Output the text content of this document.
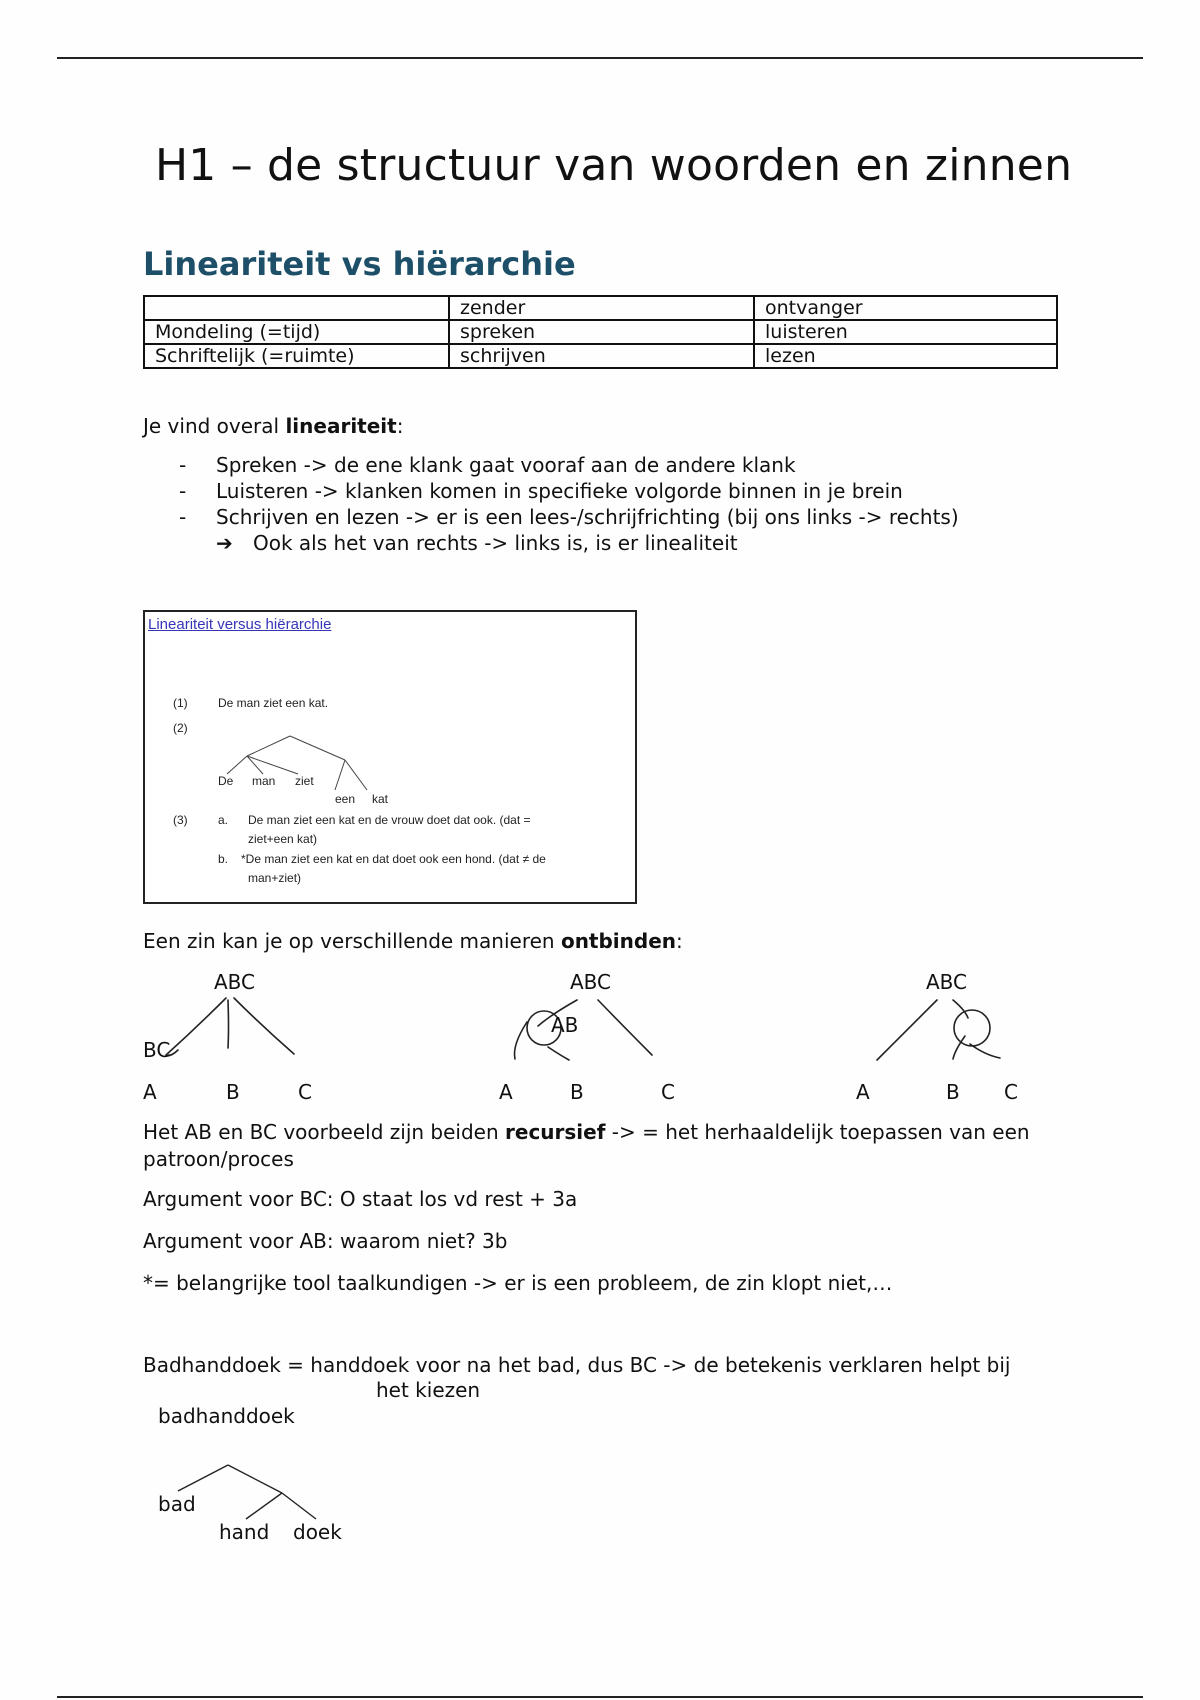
H1 – de structuur van woorden en zinnen
Lineariteit vs hiërarchie
	zender	ontvanger
Mondeling (=tijd)	spreken	luisteren
Schriftelijk (=ruimte)	schrijven	lezen
Je vind overal lineariteit:
- Spreken -> de ene klank gaat vooraf aan de andere klank
- Luisteren -> klanken komen in specifieke volgorde binnen in je brein
- Schrijven en lezen -> er is een lees-/schrijfrichting (bij ons links -> rechts)
➔ Ook als het van rechts -> links is, is er linealiteit
Lineariteit versus hiërarchie
(1)	De man ziet een kat.
(2)
De man ziet
een kat
(3)	a. De man ziet een kat en de vrouw doet dat ook. (dat =
ziet+een kat)
b. *De man ziet een kat en dat doet ook een hond. (dat ≠ de
man+ziet)
Een zin kan je op verschillende manieren ontbinden:
ABC
BC
A	B	C
ABC
AB
A	B	C
ABC
A	B C
Het AB en BC voorbeeld zijn beiden recursief -> = het herhaaldelijk toepassen van een
patroon/proces
Argument voor BC: O staat los vd rest + 3a
Argument voor AB: waarom niet? 3b
*= belangrijke tool taalkundigen -> er is een probleem, de zin klopt niet,…
Badhanddoek = handdoek voor na het bad, dus BC -> de betekenis verklaren helpt bij
het kiezen
badhanddoek
bad
hand doek
